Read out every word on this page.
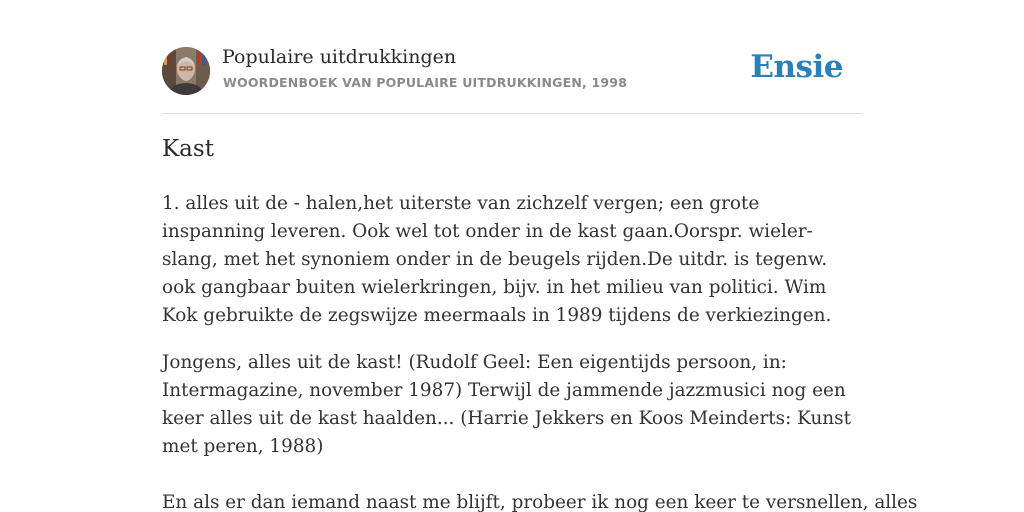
Populaire uitdrukkingen
WOORDENBOEK VAN POPULAIRE UITDRUKKINGEN, 1998	Ensie
Kast

1. alles uit de - halen,het uiterste van zichzelf vergen; een grote inspanning leveren. Ook wel tot onder in de kast gaan.Oorspr. wieler- slang, met het synoniem onder in de beugels rijden.De uitdr. is tegenw. ook gangbaar buiten wielerkringen, bijv. in het milieu van politici. Wim Kok gebruikte de zegswijze meermaals in 1989 tijdens de verkiezingen.

Jongens, alles uit de kast! (Rudolf Geel: Een eigentijds persoon, in: Intermagazine, november 1987) Terwijl de jammende jazzmusici nog een keer alles uit de kast haalden... (Harrie Jekkers en Koos Meinderts: Kunst met peren, 1988)

En als er dan iemand naast me blijft, probeer ik nog een keer te versnellen, alles
